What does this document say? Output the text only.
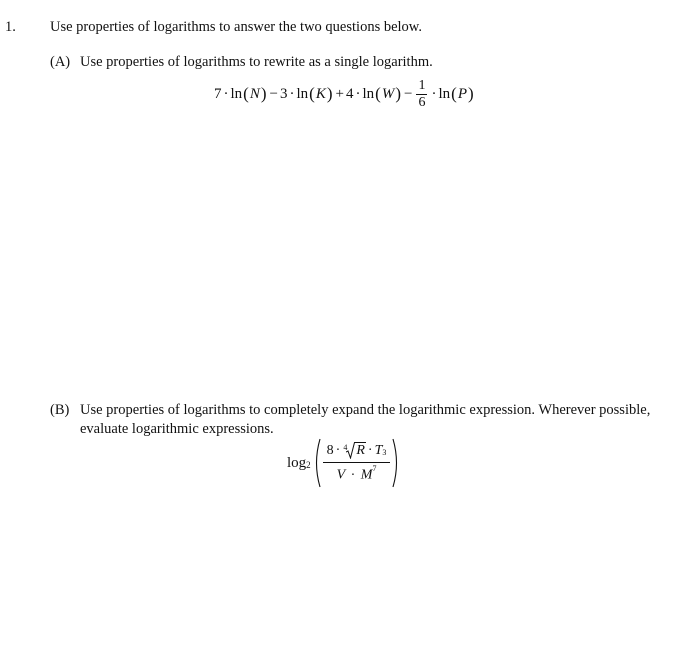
1. Use properties of logarithms to answer the two questions below.
(A) Use properties of logarithms to rewrite as a single logarithm.
7 · ln ( N ) − 3 · ln ( K ) + 4 · ln ( W ) − $\frac{1}{6} \cdot \ln$ ( P )
(B) Use properties of logarithms to completely expand the logarithmic expression. Wherever possible,
evaluate logarithmic expressions.
$\log_2$
8 · 4 $R \cdot T^3$
$V \cdot M^7$
